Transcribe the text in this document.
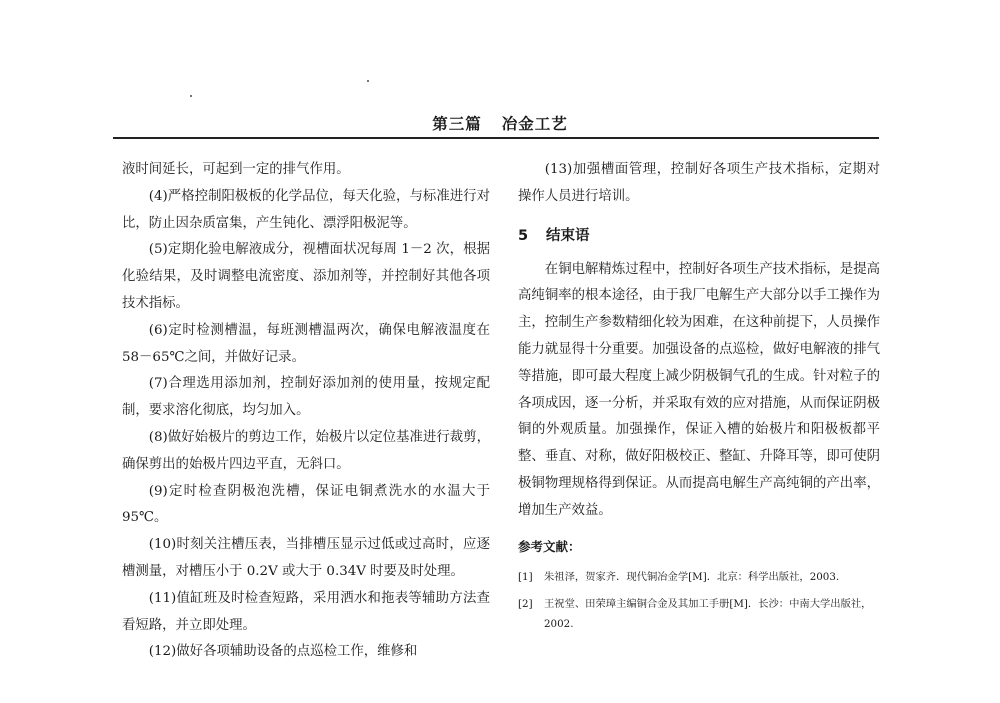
第三篇 冶金工艺

液时间延长，可起到一定的排气作用。

(4)严格控制阳极板的化学品位，每天化验，与标准进行对比，防止因杂质富集，产生钝化、漂浮阳极泥等。

(5)定期化验电解液成分，视槽面状况每周 1－2 次，根据化验结果，及时调整电流密度、添加剂等，并控制好其他各项技术指标。

(6)定时检测槽温，每班测槽温两次，确保电解液温度在 58－65℃之间，并做好记录。

(7)合理选用添加剂，控制好添加剂的使用量，按规定配制，要求溶化彻底，均匀加入。

(8)做好始极片的剪边工作，始极片以定位基准进行裁剪，确保剪出的始极片四边平直，无斜口。

(9)定时检查阴极泡洗槽，保证电铜煮洗水的水温大于 95℃。

(10)时刻关注槽压表，当排槽压显示过低或过高时，应逐槽测量，对槽压小于 0.2V 或大于 0.34V 时要及时处理。

(11)值缸班及时检查短路，采用洒水和拖表等辅助方法查看短路，并立即处理。

(12)做好各项辅助设备的点巡检工作，维修和

(13)加强槽面管理，控制好各项生产技术指标，定期对操作人员进行培训。

5 结束语

在铜电解精炼过程中，控制好各项生产技术指标，是提高高纯铜率的根本途径，由于我厂电解生产大部分以手工操作为主，控制生产参数精细化较为困难，在这种前提下，人员操作能力就显得十分重要。加强设备的点巡检，做好电解液的排气等措施，即可最大程度上减少阴极铜气孔的生成。针对粒子的各项成因，逐一分析，并采取有效的应对措施，从而保证阴极铜的外观质量。加强操作，保证入槽的始极片和阳极板都平整、垂直、对称，做好阳极校正、整缸、升降耳等，即可使阴极铜物理规格得到保证。从而提高电解生产高纯铜的产出率，增加生产效益。

参考文献：
[1]	朱祖泽，贺家齐．现代铜冶金学[M]．北京：科学出版社，2003.
[2]	王祝堂、田荣璋主编铜合金及其加工手册[M]．长沙：中南大学出版社，2002.
